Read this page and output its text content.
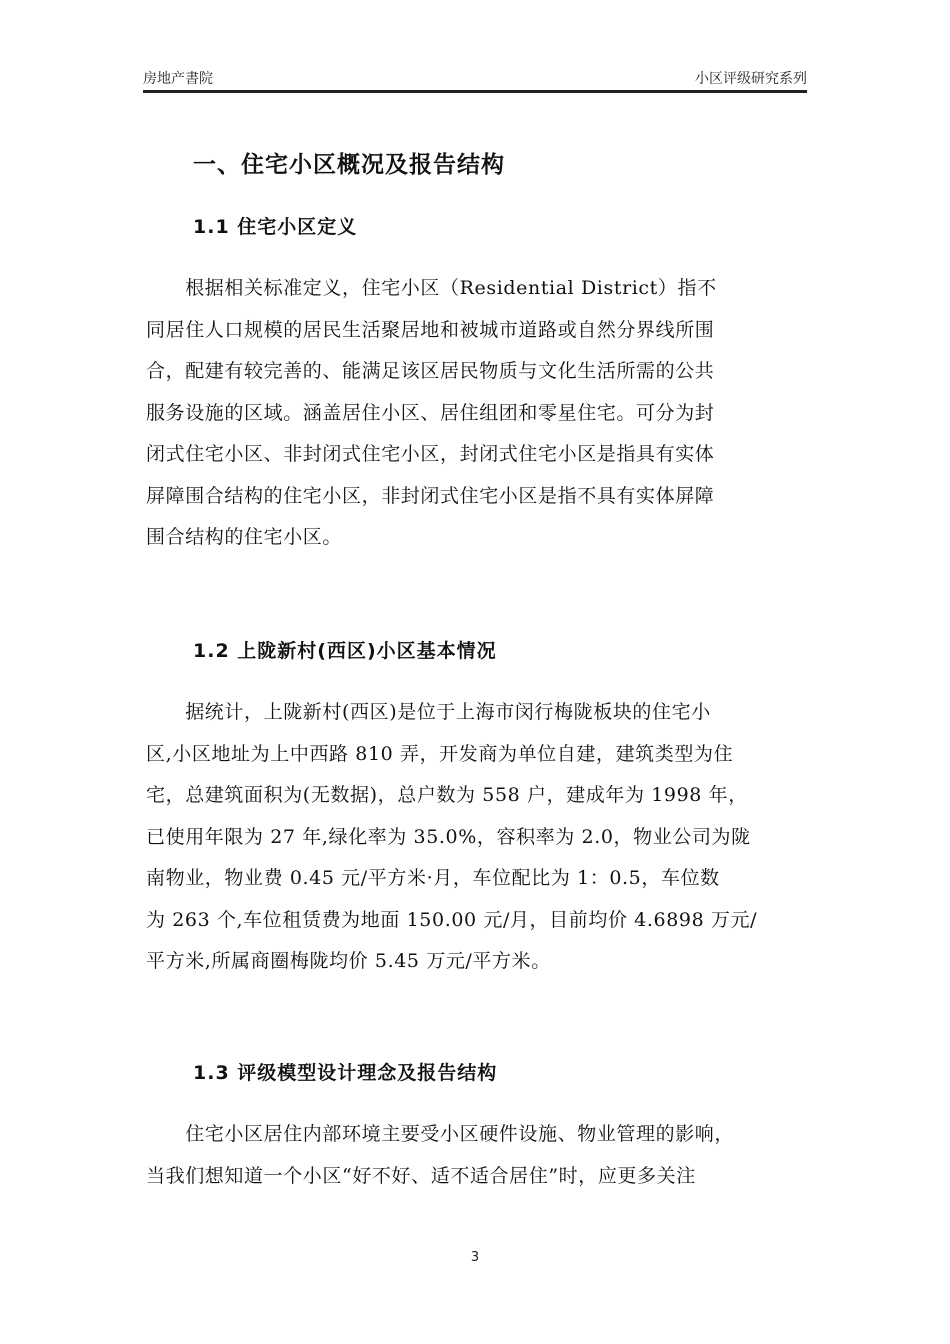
房地产書院	小区评级研究系列
一、住宅小区概况及报告结构
1.1 住宅小区定义
　　根据相关标准定义，住宅小区（Residential District）指不
同居住人口规模的居民生活聚居地和被城市道路或自然分界线所围
合，配建有较完善的、能满足该区居民物质与文化生活所需的公共
服务设施的区域。涵盖居住小区、居住组团和零星住宅。可分为封
闭式住宅小区、非封闭式住宅小区，封闭式住宅小区是指具有实体
屏障围合结构的住宅小区，非封闭式住宅小区是指不具有实体屏障
围合结构的住宅小区。
1.2 上陇新村(西区)小区基本情况
　　据统计，上陇新村(西区)是位于上海市闵行梅陇板块的住宅小
区,小区地址为上中西路 810 弄，开发商为单位自建，建筑类型为住
宅，总建筑面积为(无数据)，总户数为 558 户，建成年为 1998 年，
已使用年限为 27 年,绿化率为 35.0%，容积率为 2.0，物业公司为陇
南物业，物业费 0.45 元/平方米·月，车位配比为 1：0.5，车位数
为 263 个,车位租赁费为地面 150.00 元/月，目前均价 4.6898 万元/
平方米,所属商圈梅陇均价 5.45 万元/平方米。
1.3 评级模型设计理念及报告结构
　　住宅小区居住内部环境主要受小区硬件设施、物业管理的影响，
当我们想知道一个小区“好不好、适不适合居住”时，应更多关注
3
